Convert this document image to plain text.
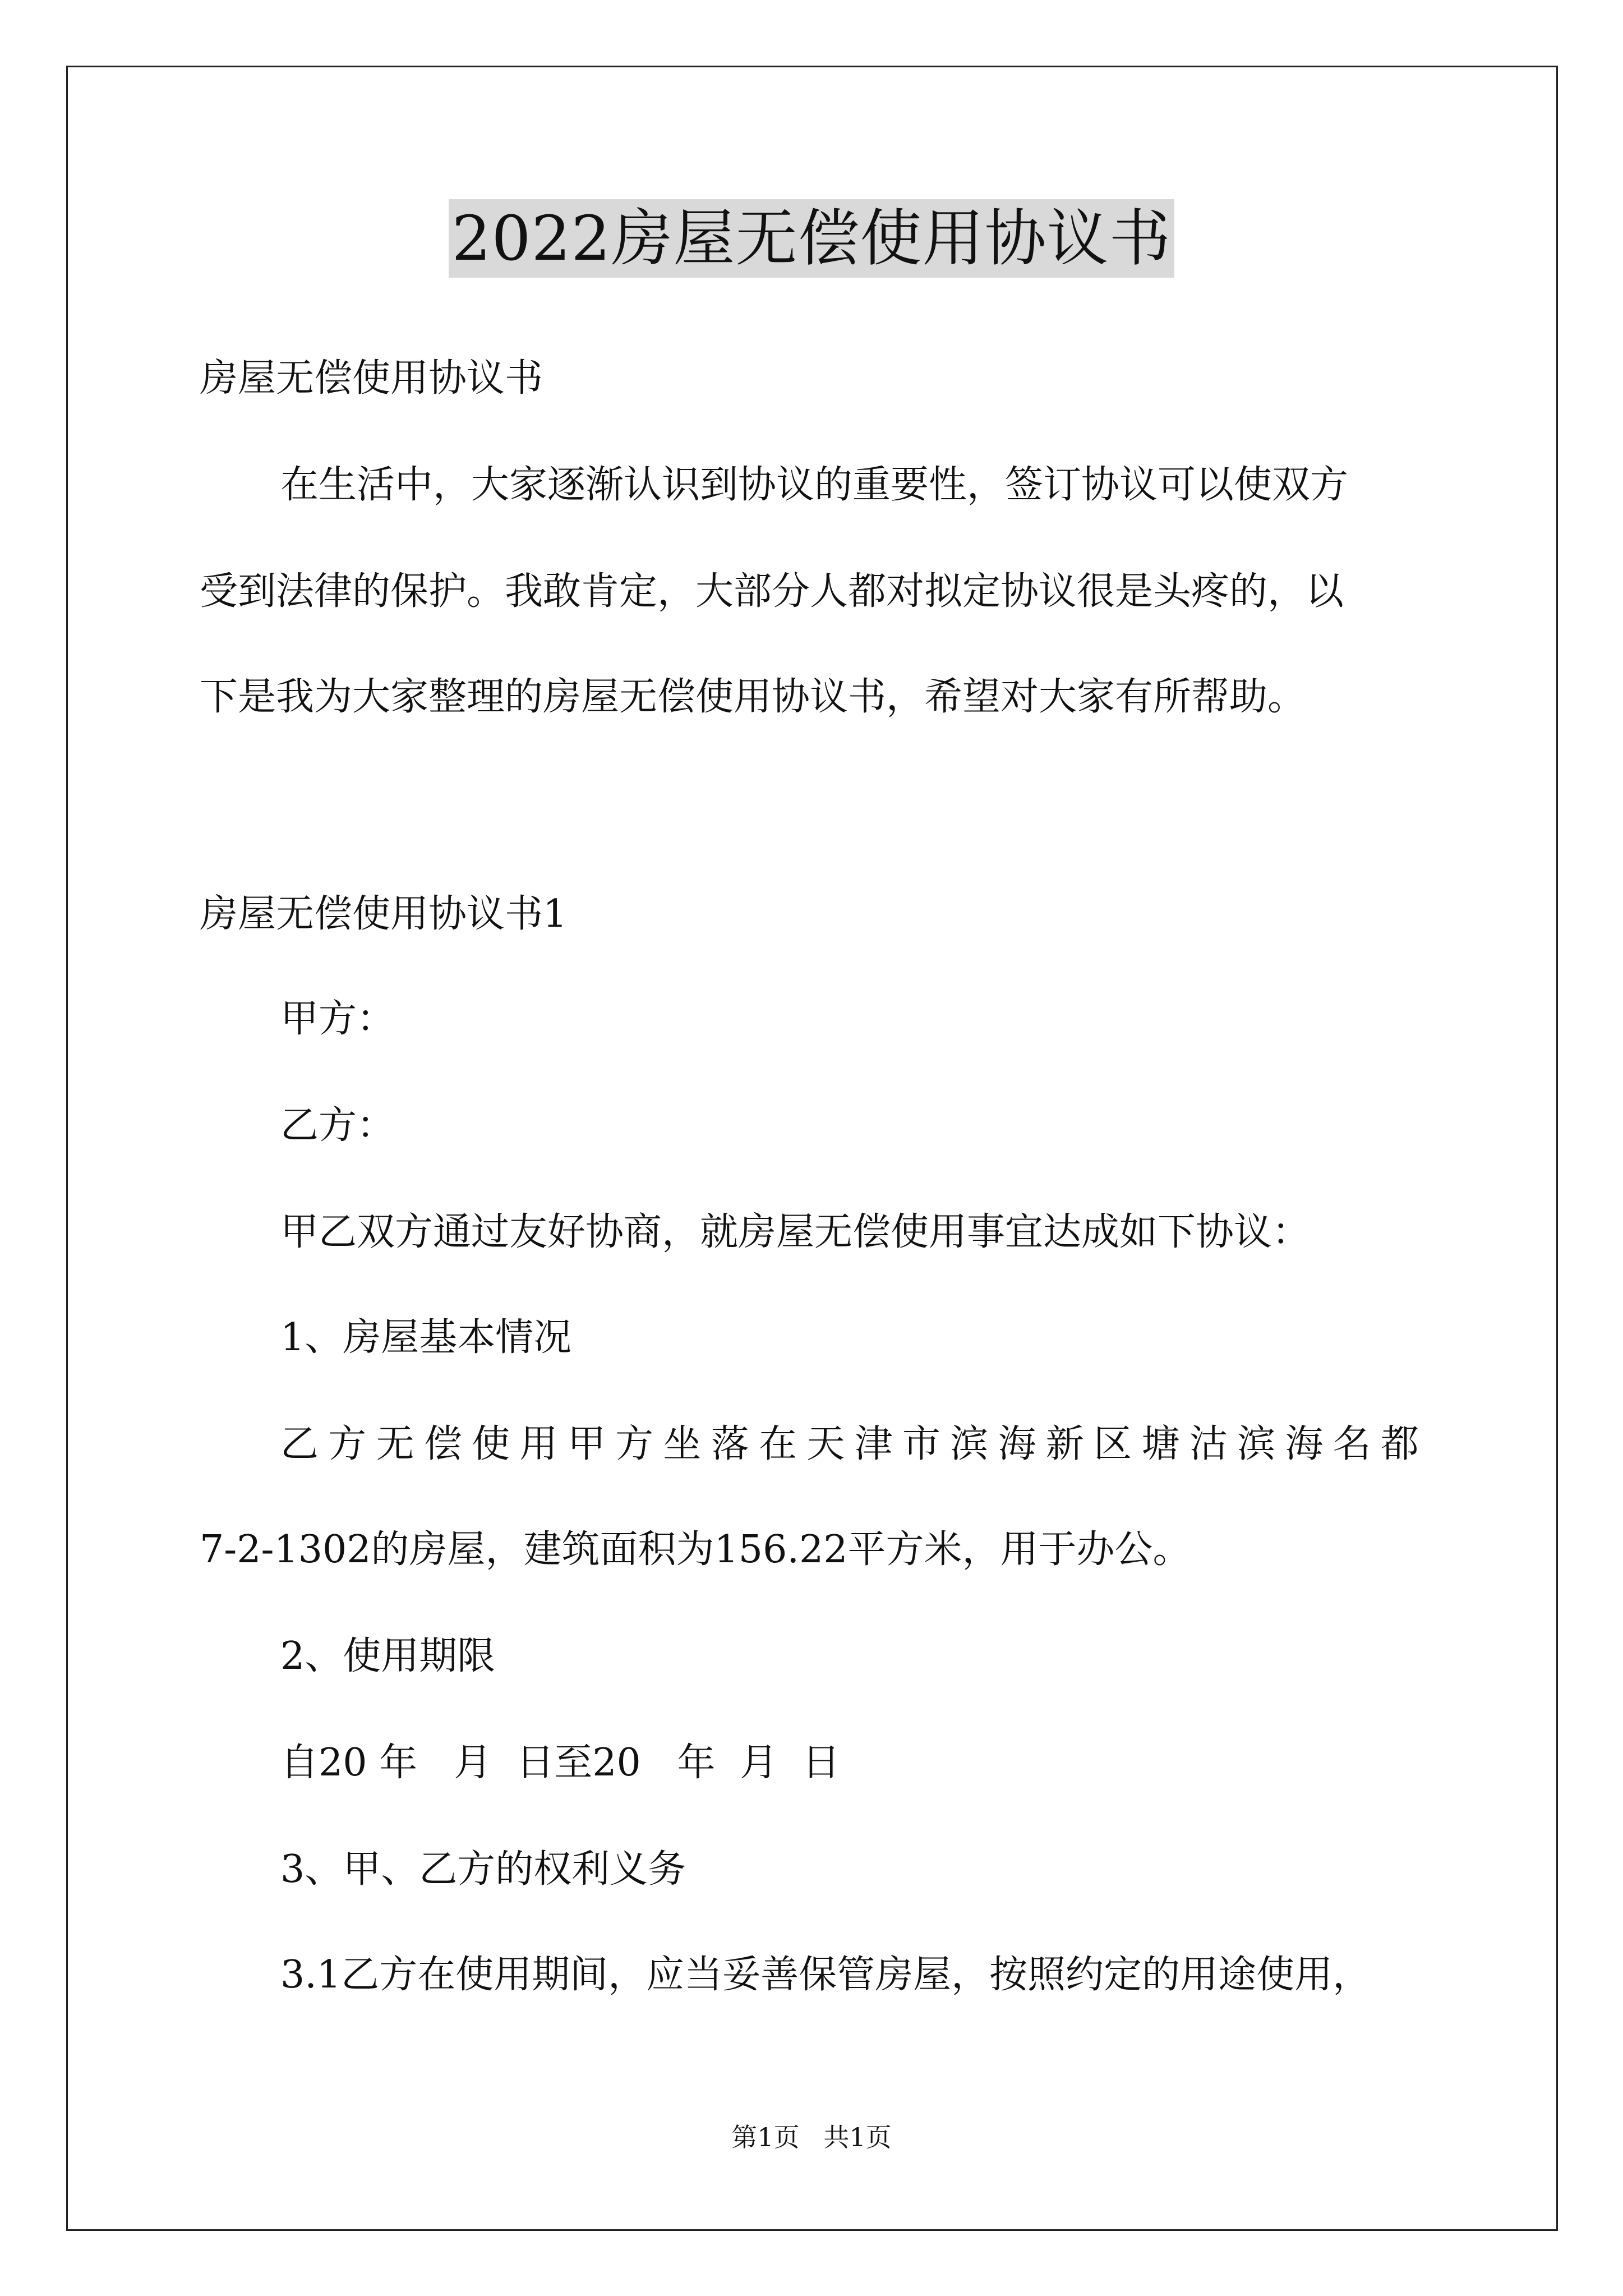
2022房屋无偿使用协议书
房屋无偿使用协议书
在生活中，大家逐渐认识到协议的重要性，签订协议可以使双方
受到法律的保护。我敢肯定，大部分人都对拟定协议很是头疼的，以
下是我为大家整理的房屋无偿使用协议书，希望对大家有所帮助。
房屋无偿使用协议书1
甲方：
乙方：
甲乙双方通过友好协商，就房屋无偿使用事宜达成如下协议：
1、房屋基本情况
乙方无偿使用甲方坐落在天津市滨海新区塘沽滨海名都
7-2-1302的房屋，建筑面积为156.22平方米，用于办公。
2、使用期限
自20 年   月  日至20   年  月  日
3、甲、乙方的权利义务
3.1乙方在使用期间，应当妥善保管房屋，按照约定的用途使用，
第1页 共1页
